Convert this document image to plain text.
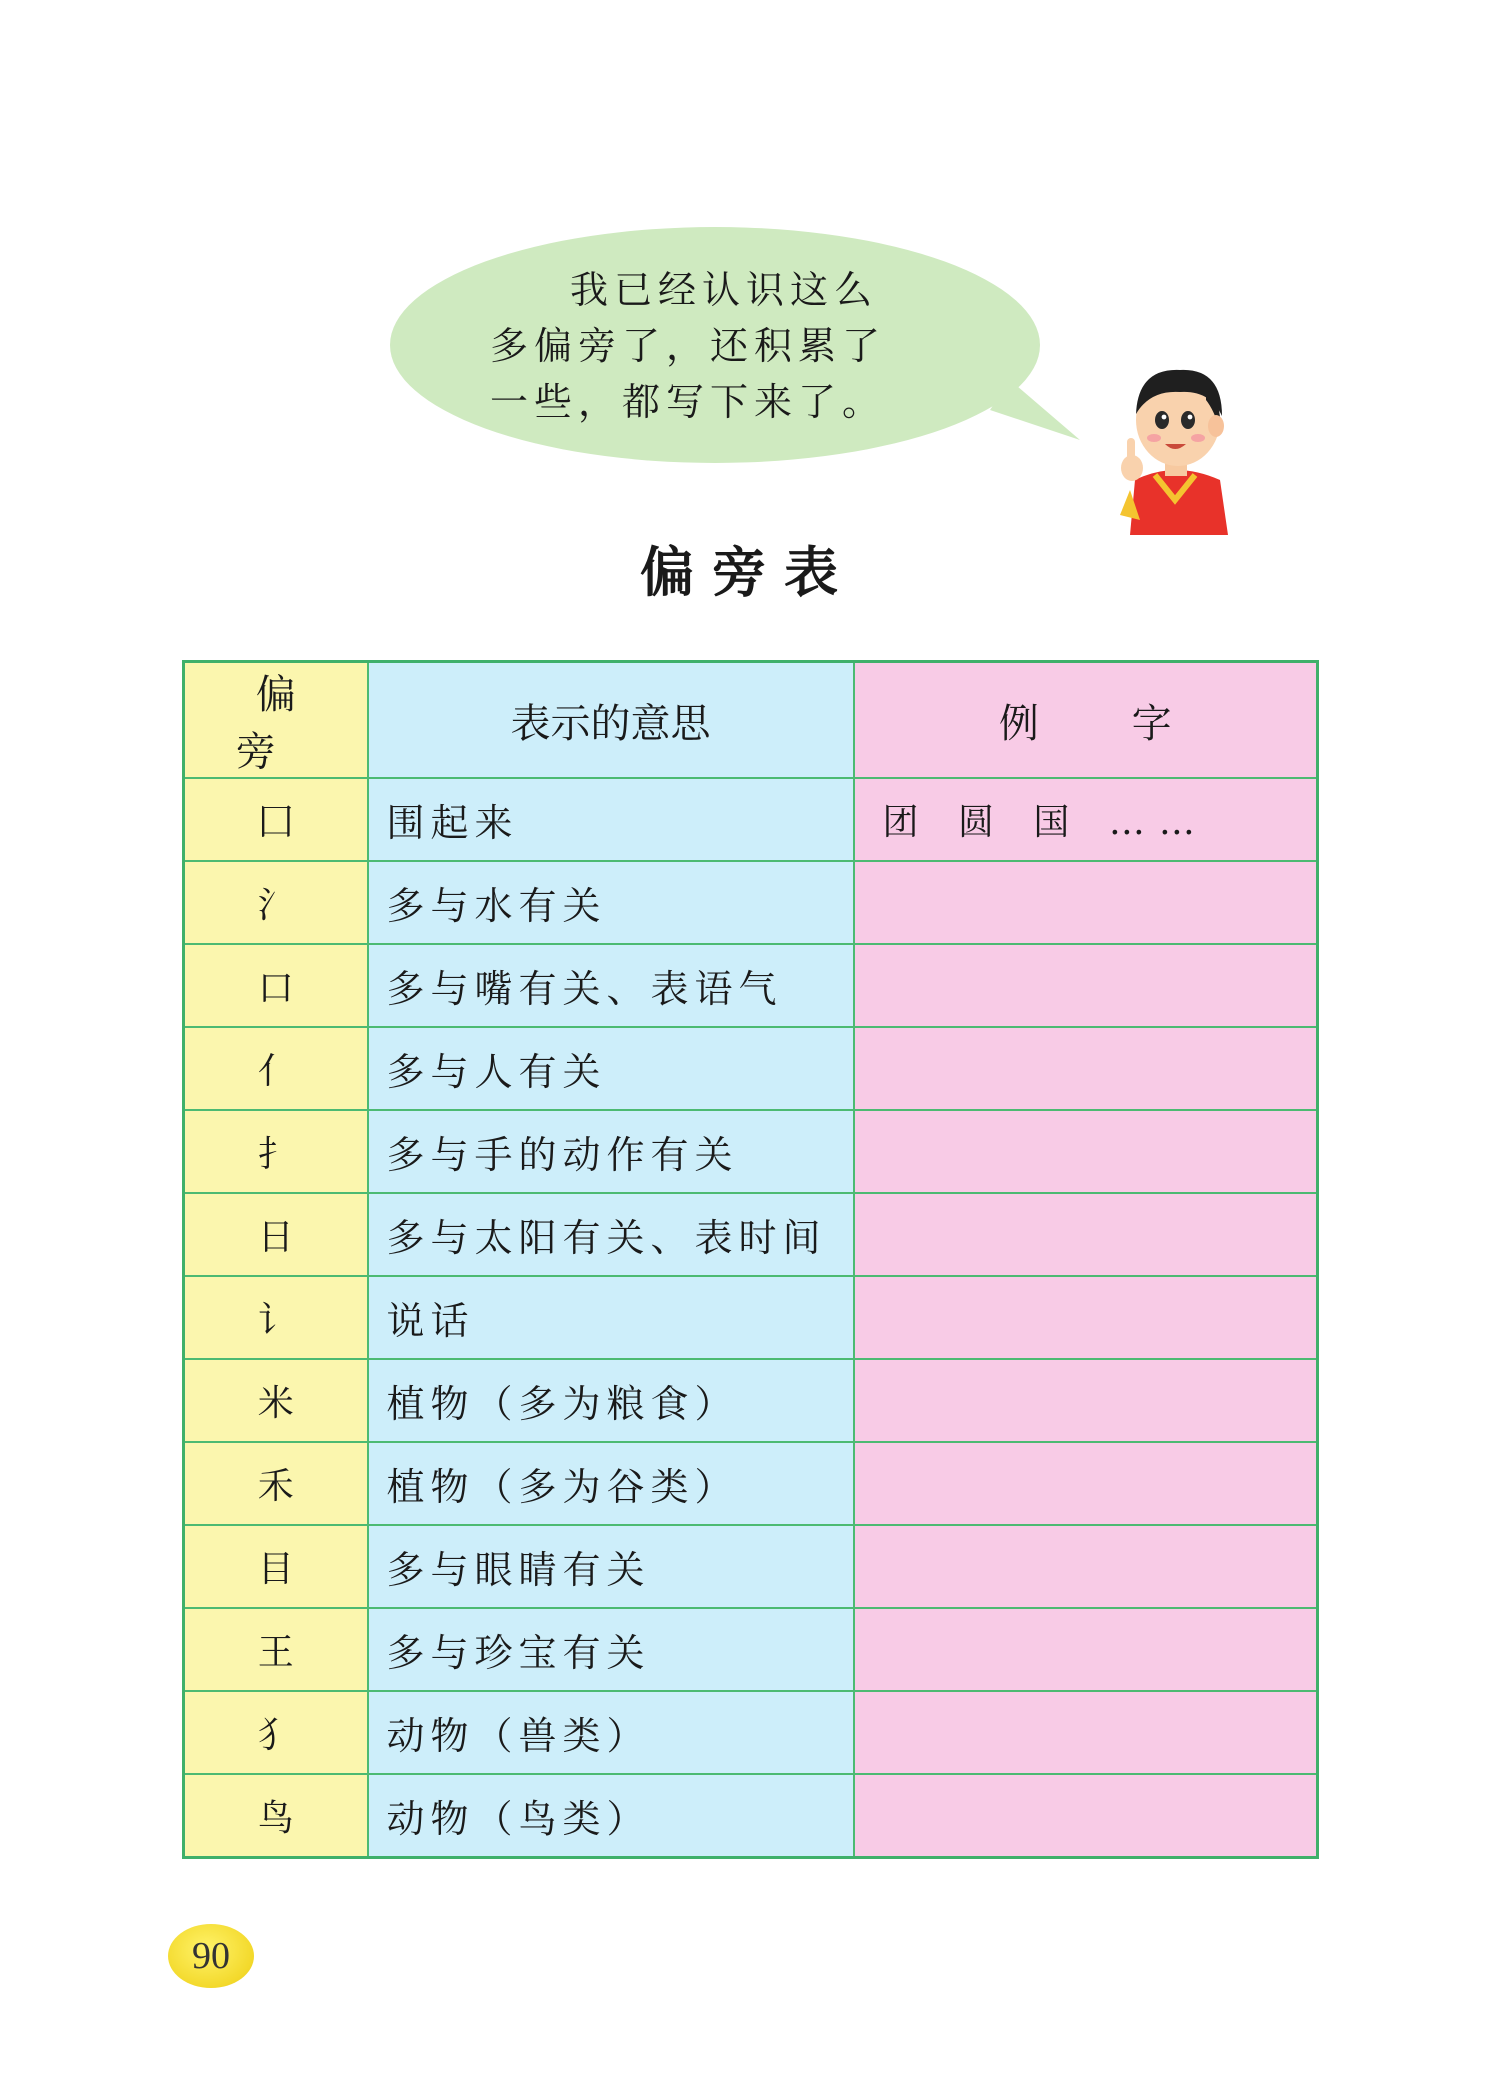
我已经认识这么
多偏旁了，还积累了
一些，都写下来了。
偏旁表
偏 旁	表示的意思	例 字
囗	围起来	团 圆 国 ……
氵	多与水有关	
口	多与嘴有关、表语气	
亻	多与人有关	
扌	多与手的动作有关	
日	多与太阳有关、表时间	
讠	说话	
米	植物（多为粮食）	
禾	植物（多为谷类）	
目	多与眼睛有关	
王	多与珍宝有关	
犭	动物（兽类）	
鸟	动物（鸟类）	
90
